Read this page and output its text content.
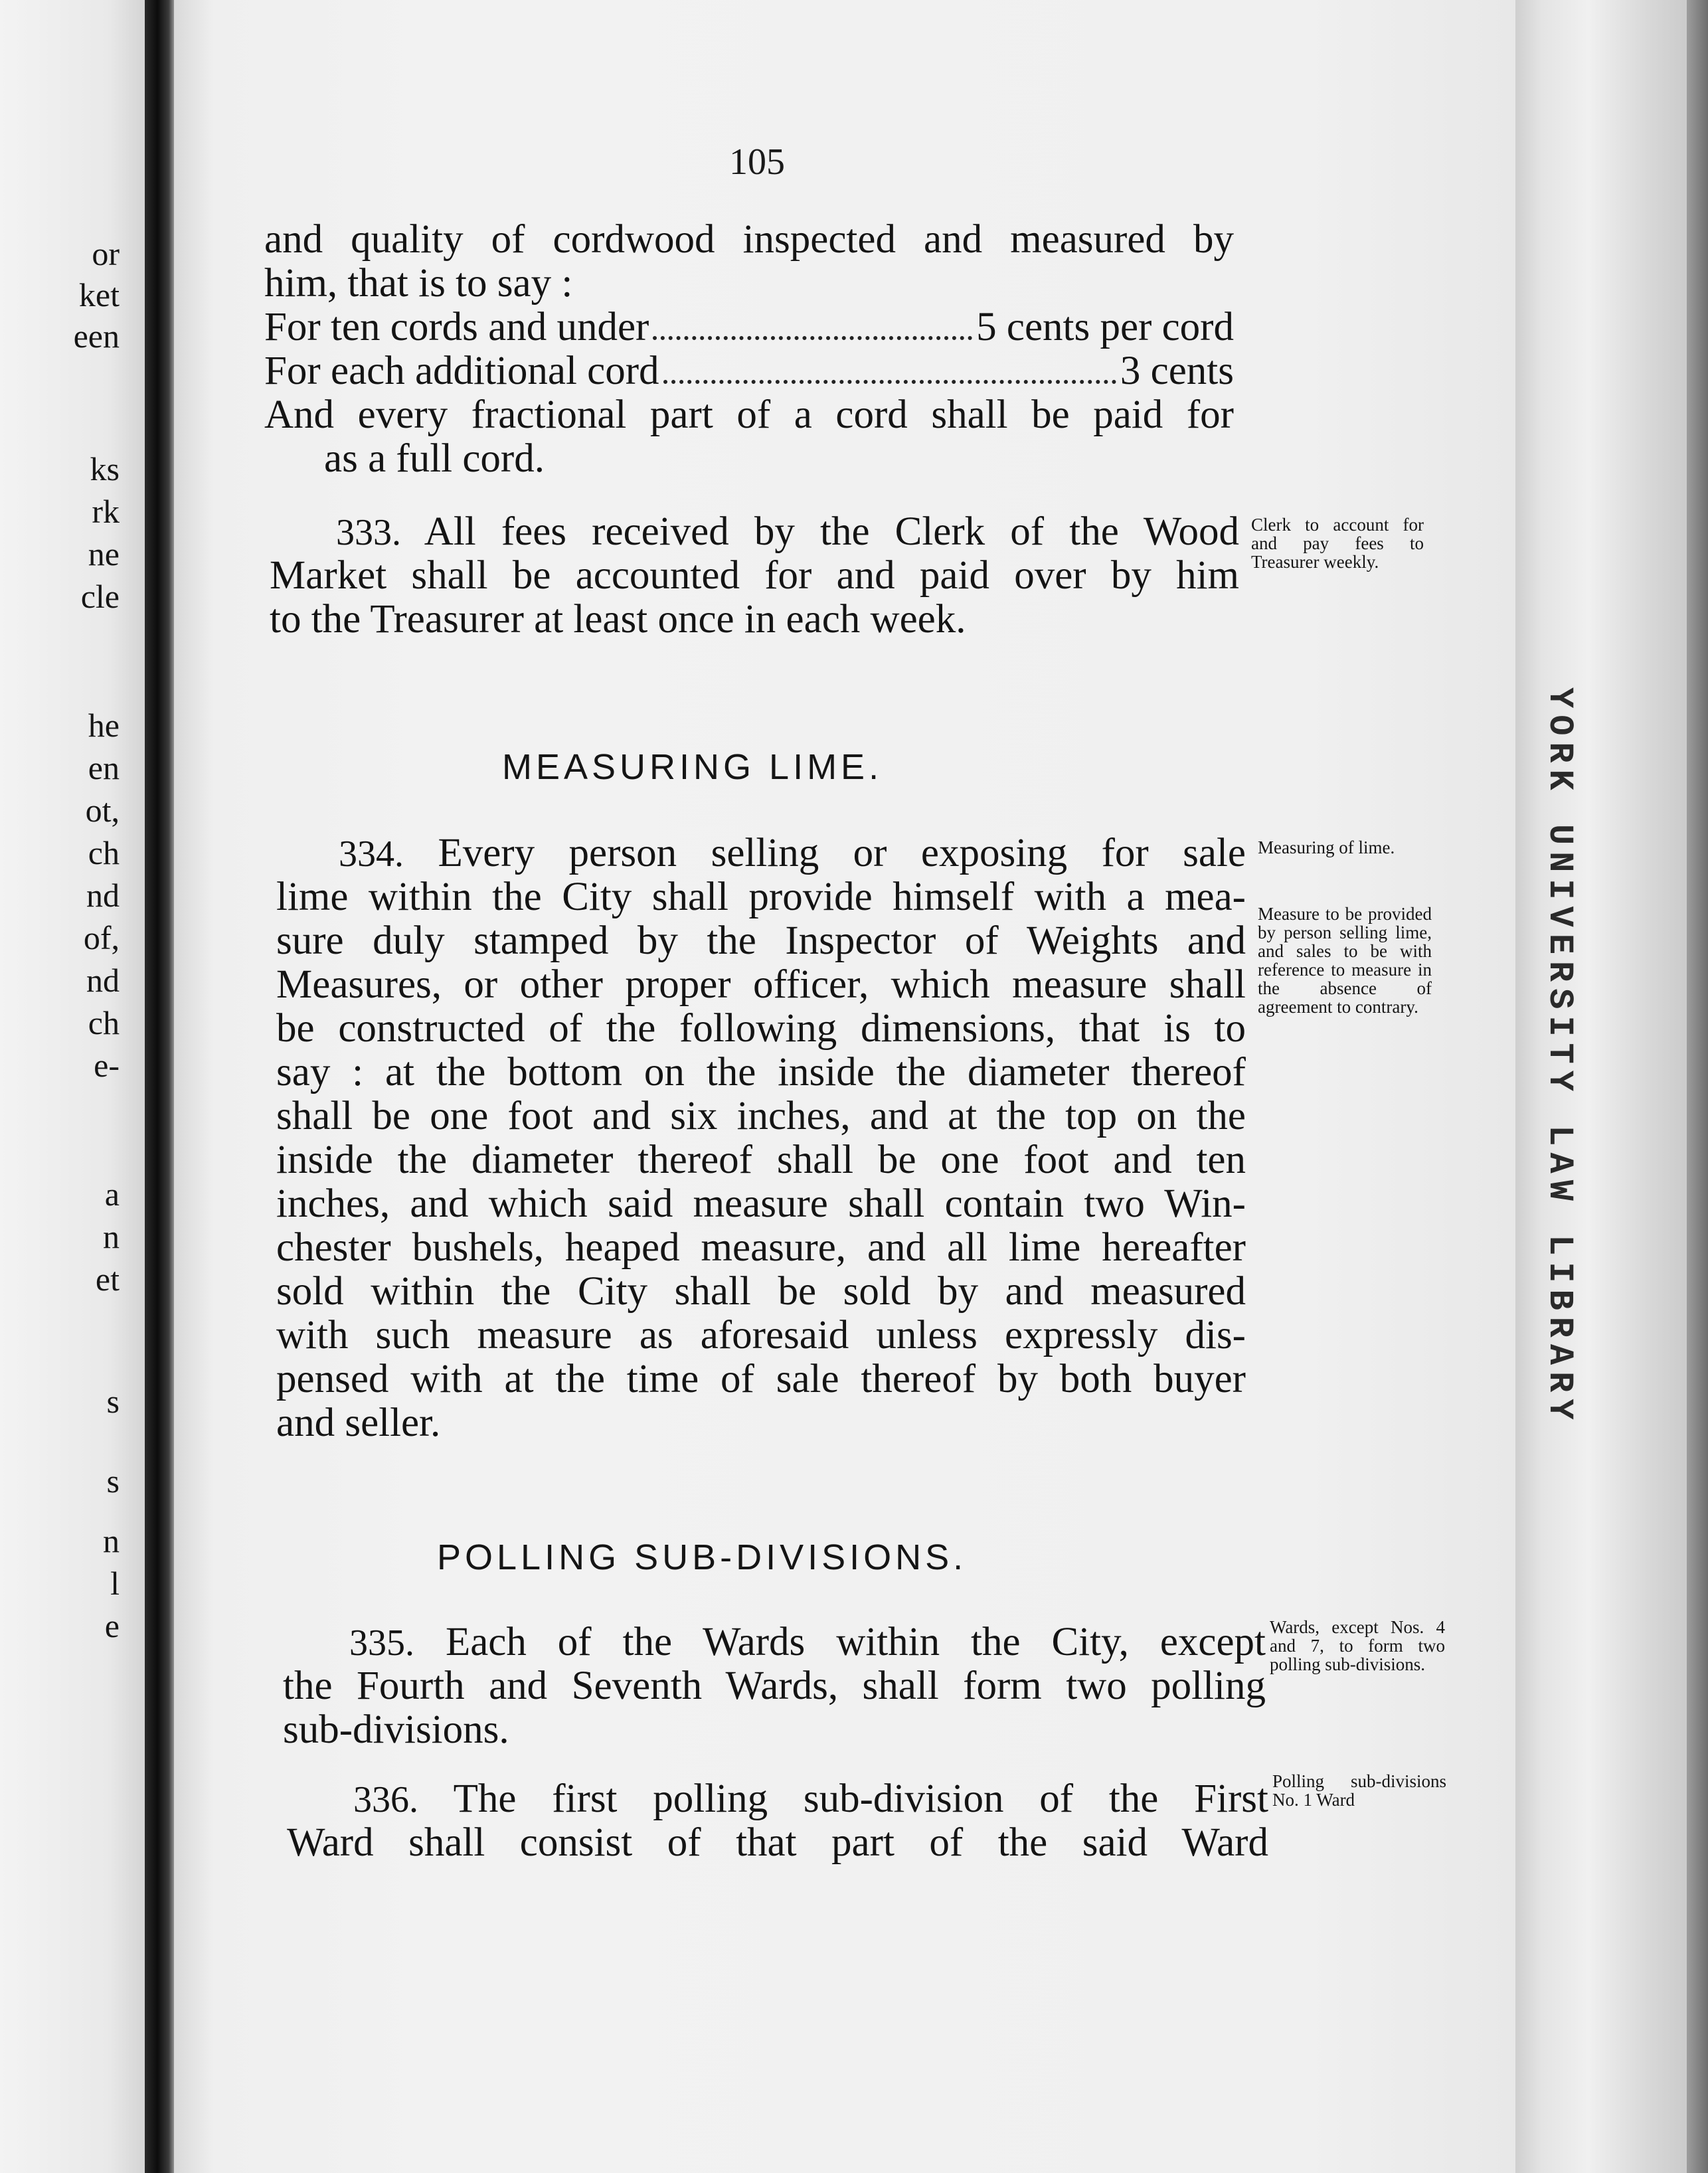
or
ket
een
ks
rk
ne
cle
he
en
ot,
ch
nd
of,
nd
ch
e-
a
n
et
s
s
n
l
e
105
and quality of cordwood inspected and measured by
him, that is to say :
For ten cords and under	5 cents per cord
For each additional cord	3 cents
And every fractional part of a cord shall be paid for
as a full cord.
333. All fees received by the Clerk of the Wood
Market shall be accounted for and paid over by him
to the Treasurer at least once in each week.
Clerk to account for and pay fees to Treasurer weekly.
MEASURING LIME.
334. Every person selling or exposing for sale
lime within the City shall provide himself with a mea-
sure duly stamped by the Inspector of Weights and
Measures, or other proper officer, which measure shall
be constructed of the following dimensions, that is to
say : at the bottom on the inside the diameter thereof
shall be one foot and six inches, and at the top on the
inside the diameter thereof shall be one foot and ten
inches, and which said measure shall contain two Win-
chester bushels, heaped measure, and all lime hereafter
sold within the City shall be sold by and measured
with such measure as aforesaid unless expressly dis-
pensed with at the time of sale thereof by both buyer
and seller.
Measuring of lime.
Measure to be provided by person selling lime, and sales to be with reference to measure in the absence of agreement to contrary.
POLLING SUB-DIVISIONS.
335. Each of the Wards within the City, except
the Fourth and Seventh Wards, shall form two polling
sub-divisions.
Wards, except Nos. 4 and 7, to form two polling sub-divisions.
336. The first polling sub-division of the First
Ward shall consist of that part of the said Ward
Polling sub-divisions No. 1 Ward
YORK UNIVERSITY LAW LIBRARY
